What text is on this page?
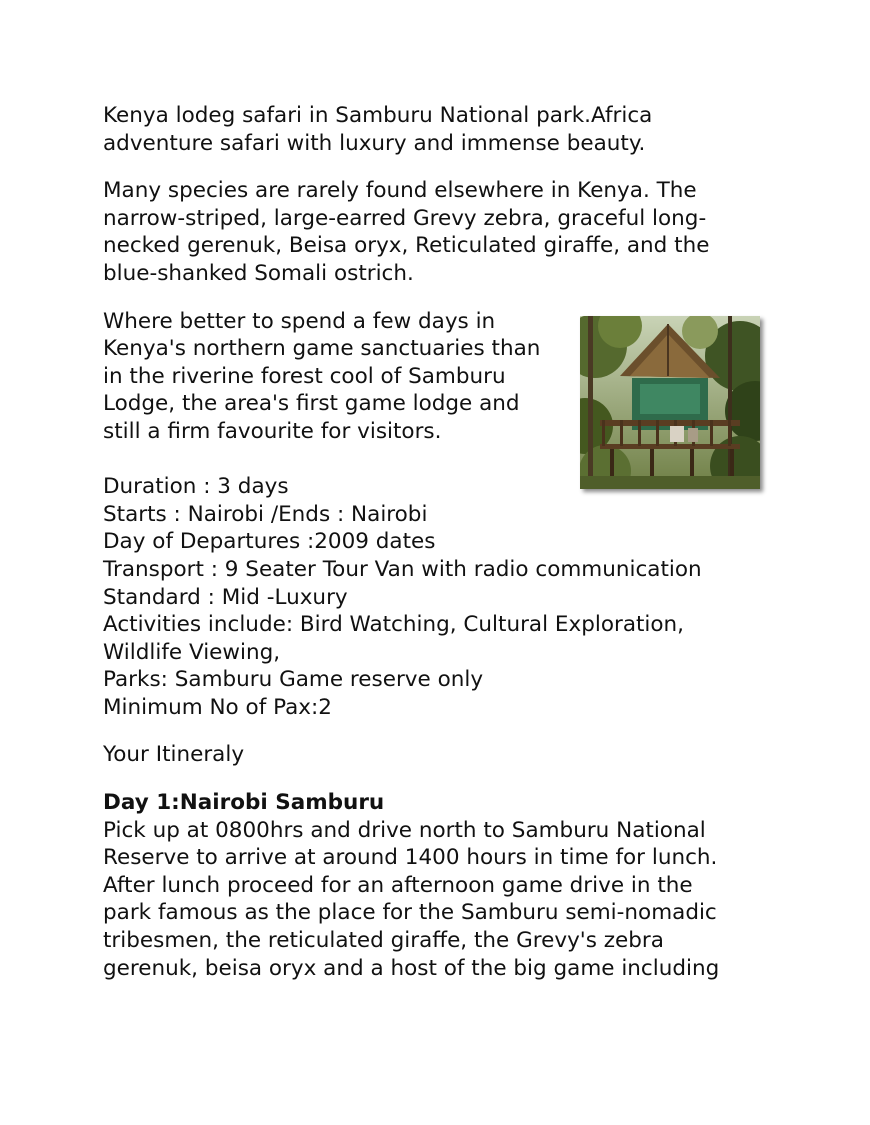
Kenya lodeg safari in Samburu National park.Africa
adventure safari with luxury and immense beauty.
Many species are rarely found elsewhere in Kenya. The
narrow-striped, large-earred Grevy zebra, graceful long-
necked gerenuk, Beisa oryx, Reticulated giraffe, and the
blue-shanked Somali ostrich.
Where better to spend a few days in
Kenya's northern game sanctuaries than
in the riverine forest cool of Samburu
Lodge, the area's first game lodge and
still a firm favourite for visitors.
Duration : 3 days
Starts : Nairobi /Ends : Nairobi
Day of Departures :2009 dates
Transport : 9 Seater Tour Van with radio communication
Standard : Mid -Luxury
Activities include: Bird Watching, Cultural Exploration,
Wildlife Viewing,
Parks: Samburu Game reserve only
Minimum No of Pax:2
Your Itineraly
Day 1:Nairobi Samburu
Pick up at 0800hrs and drive north to Samburu National
Reserve to arrive at around 1400 hours in time for lunch.
After lunch proceed for an afternoon game drive in the
park famous as the place for the Samburu semi-nomadic
tribesmen, the reticulated giraffe, the Grevy's zebra
gerenuk, beisa oryx and a host of the big game including
